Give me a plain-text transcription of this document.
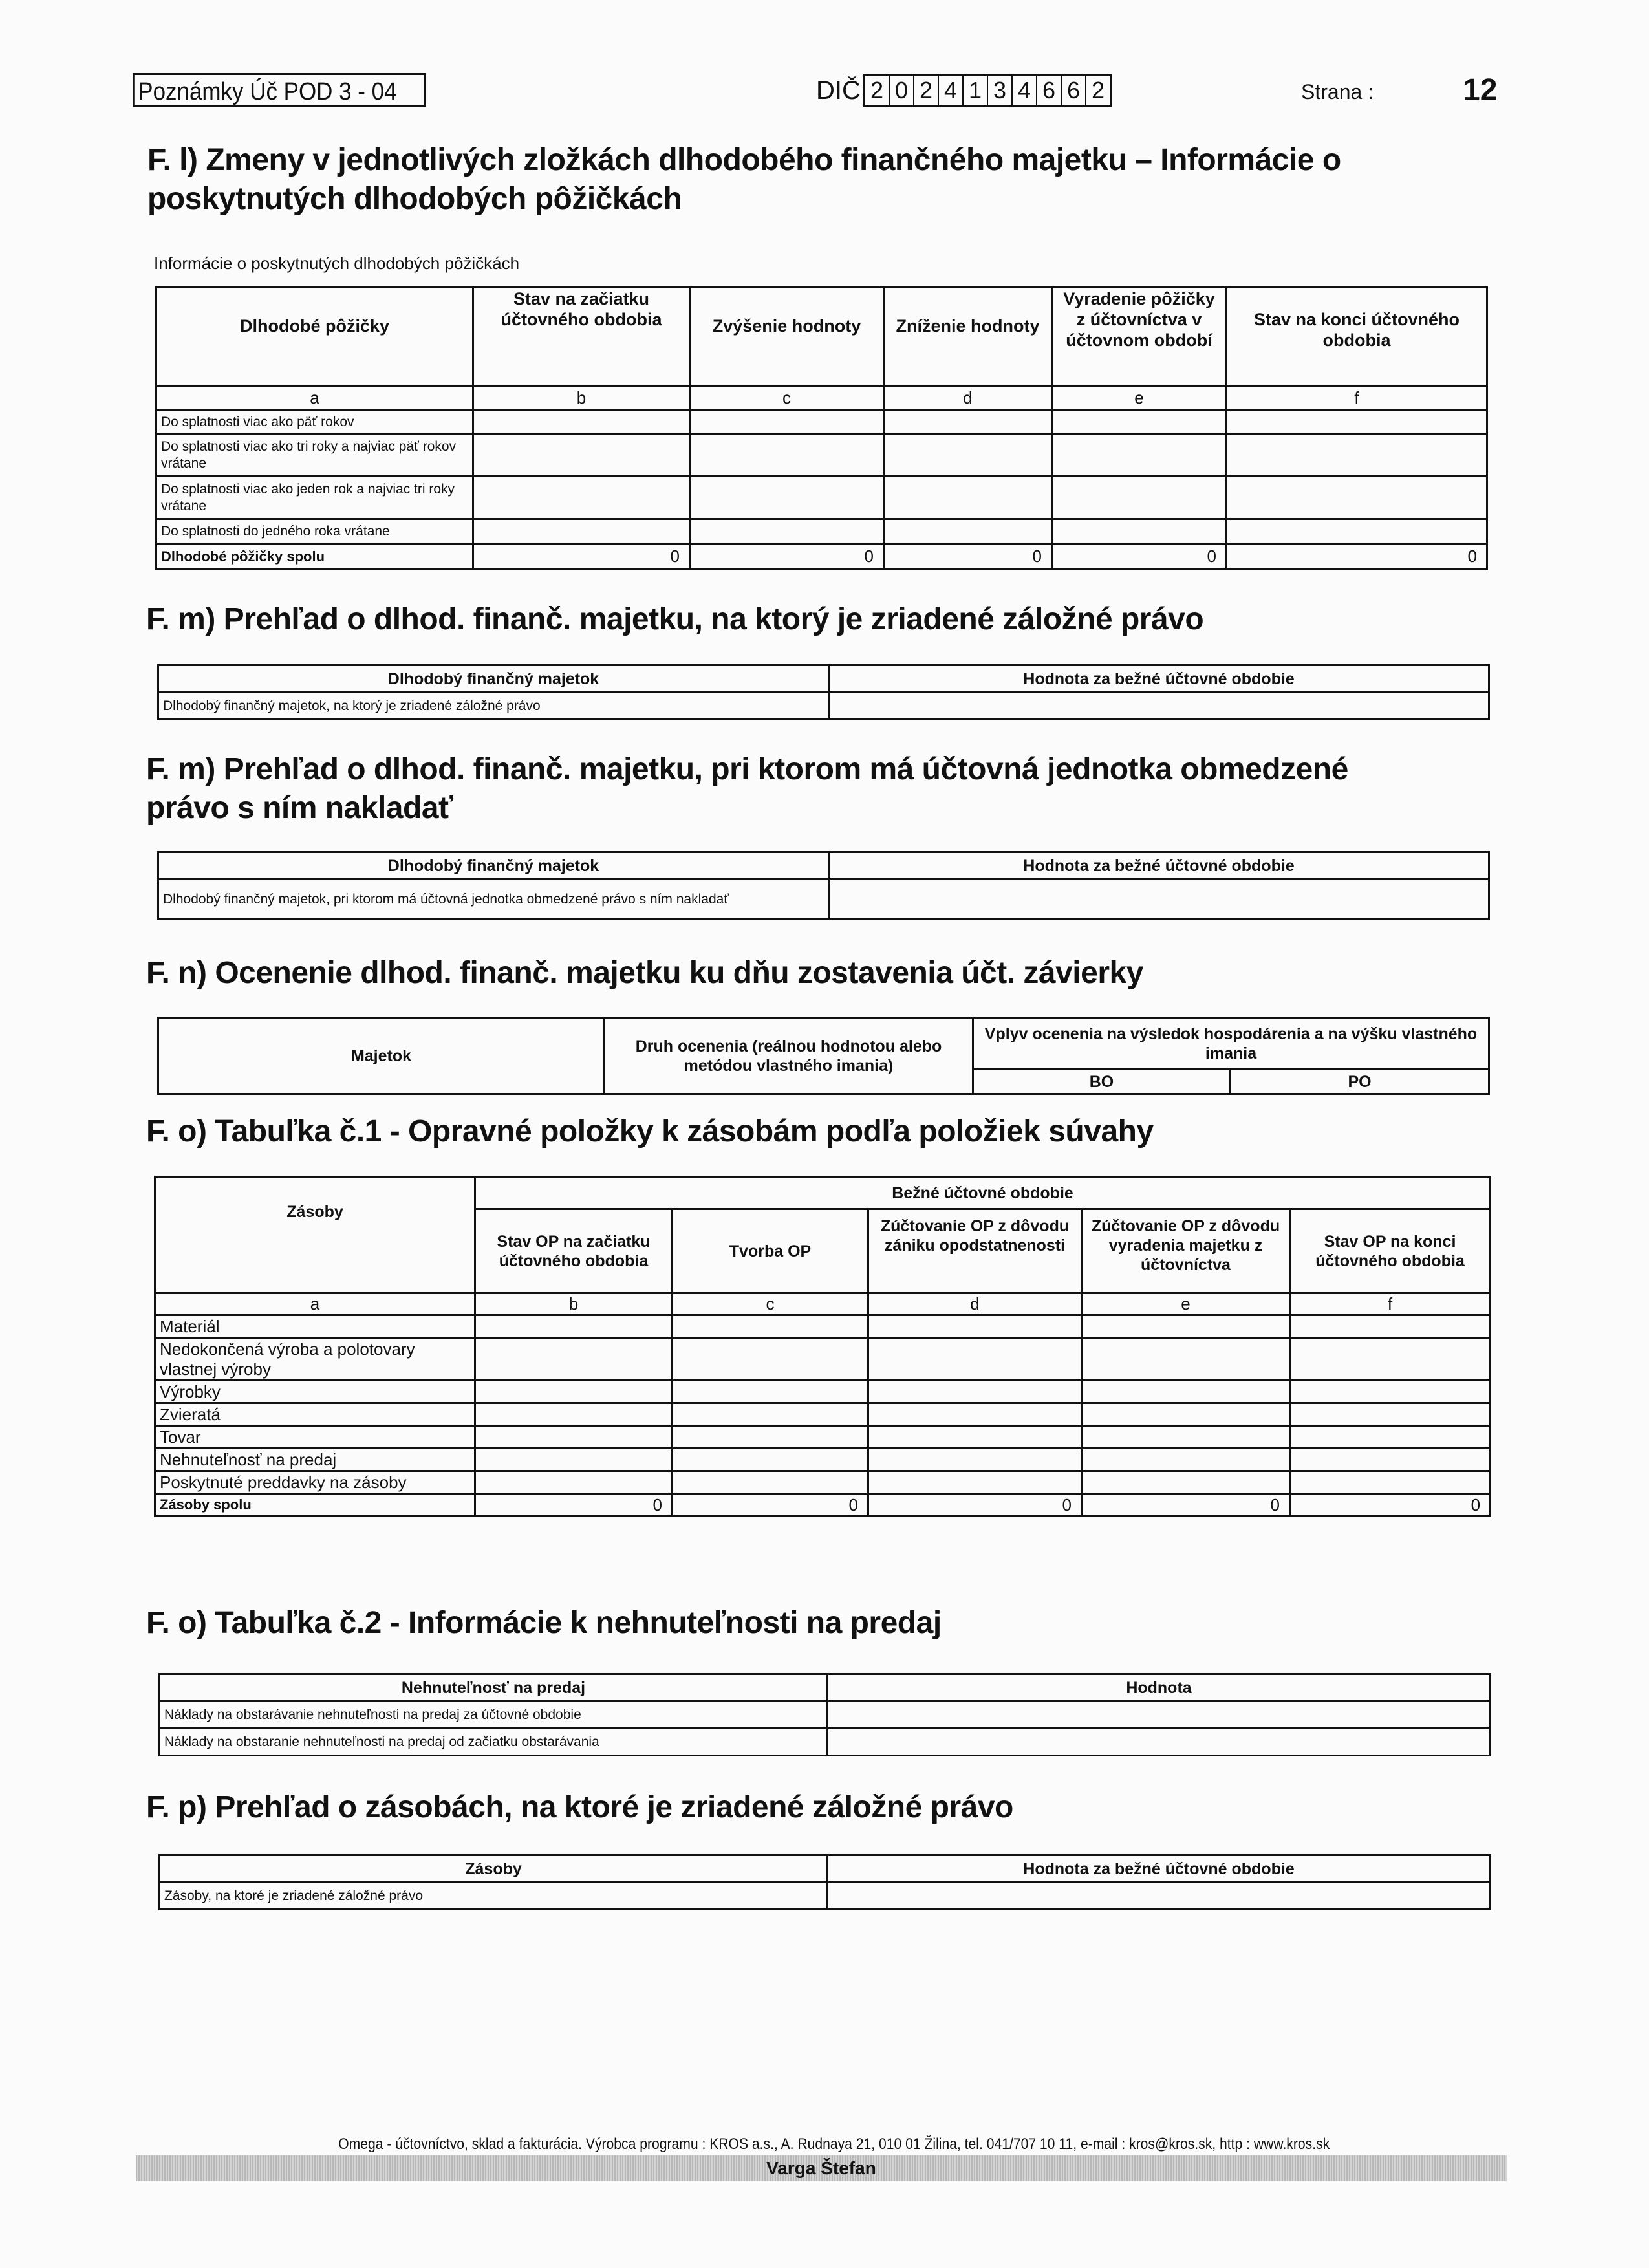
Poznámky Úč POD 3 - 04	DIČ 2 0 2 4 1 3 4 6 6 2	Strana :	12
F. l) Zmeny v jednotlivých zložkách dlhodobého finančného majetku – Informácie o
poskytnutých dlhodobých pôžičkách
Informácie o poskytnutých dlhodobých pôžičkách
Dlhodobé pôžičky	Stav na začiatku účtovného obdobia	Zvýšenie hodnoty	Zníženie hodnoty	Vyradenie pôžičky z účtovníctva v účtovnom období	Stav na konci účtovného obdobia
a	b	c	d	e	f
Do splatnosti viac ako päť rokov					
Do splatnosti viac ako tri roky a najviac päť rokov vrátane					
Do splatnosti viac ako jeden rok a najviac tri roky vrátane					
Do splatnosti do jedného roka vrátane					
Dlhodobé pôžičky spolu	0	0	0	0	0
F. m) Prehľad o dlhod. finanč. majetku, na ktorý je zriadené záložné právo
Dlhodobý finančný majetok	Hodnota za bežné účtovné obdobie
Dlhodobý finančný majetok, na ktorý je zriadené záložné právo	
F. m) Prehľad o dlhod. finanč. majetku, pri ktorom má účtovná jednotka obmedzené
právo s ním nakladať
Dlhodobý finančný majetok	Hodnota za bežné účtovné obdobie
Dlhodobý finančný majetok, pri ktorom má účtovná jednotka obmedzené právo s ním nakladať	
F. n) Ocenenie dlhod. finanč. majetku ku dňu zostavenia účt. závierky
Majetok	Druh ocenenia (reálnou hodnotou alebo metódou vlastného imania)	Vplyv ocenenia na výsledok hospodárenia a na výšku vlastného imania	
		BO	PO
F. o) Tabuľka č.1 - Opravné položky k zásobám podľa položiek súvahy
Zásoby	Bežné účtovné obdobie				
	Stav OP na začiatku účtovného obdobia	Tvorba OP	Zúčtovanie OP z dôvodu zániku opodstatnenosti	Zúčtovanie OP z dôvodu vyradenia majetku z účtovníctva	Stav OP na konci účtovného obdobia
a	b	c	d	e	f
Materiál					
Nedokončená výroba a polotovary vlastnej výroby					
Výrobky					
Zvieratá					
Tovar					
Nehnuteľnosť na predaj					
Poskytnuté preddavky na zásoby					
Zásoby spolu	0	0	0	0	0
F. o) Tabuľka č.2 - Informácie k nehnuteľnosti na predaj
Nehnuteľnosť na predaj	Hodnota
Náklady na obstarávanie nehnuteľnosti na predaj za účtovné obdobie	
Náklady na obstaranie nehnuteľnosti na predaj od začiatku obstarávania	
F. p) Prehľad o zásobách, na ktoré je zriadené záložné právo
Zásoby	Hodnota za bežné účtovné obdobie
Zásoby, na ktoré je zriadené záložné právo	
Omega - účtovníctvo, sklad a fakturácia. Výrobca programu : KROS a.s., A. Rudnaya 21, 010 01 Žilina, tel. 041/707 10 11, e-mail : kros@kros.sk, http : www.kros.sk
Varga Štefan
